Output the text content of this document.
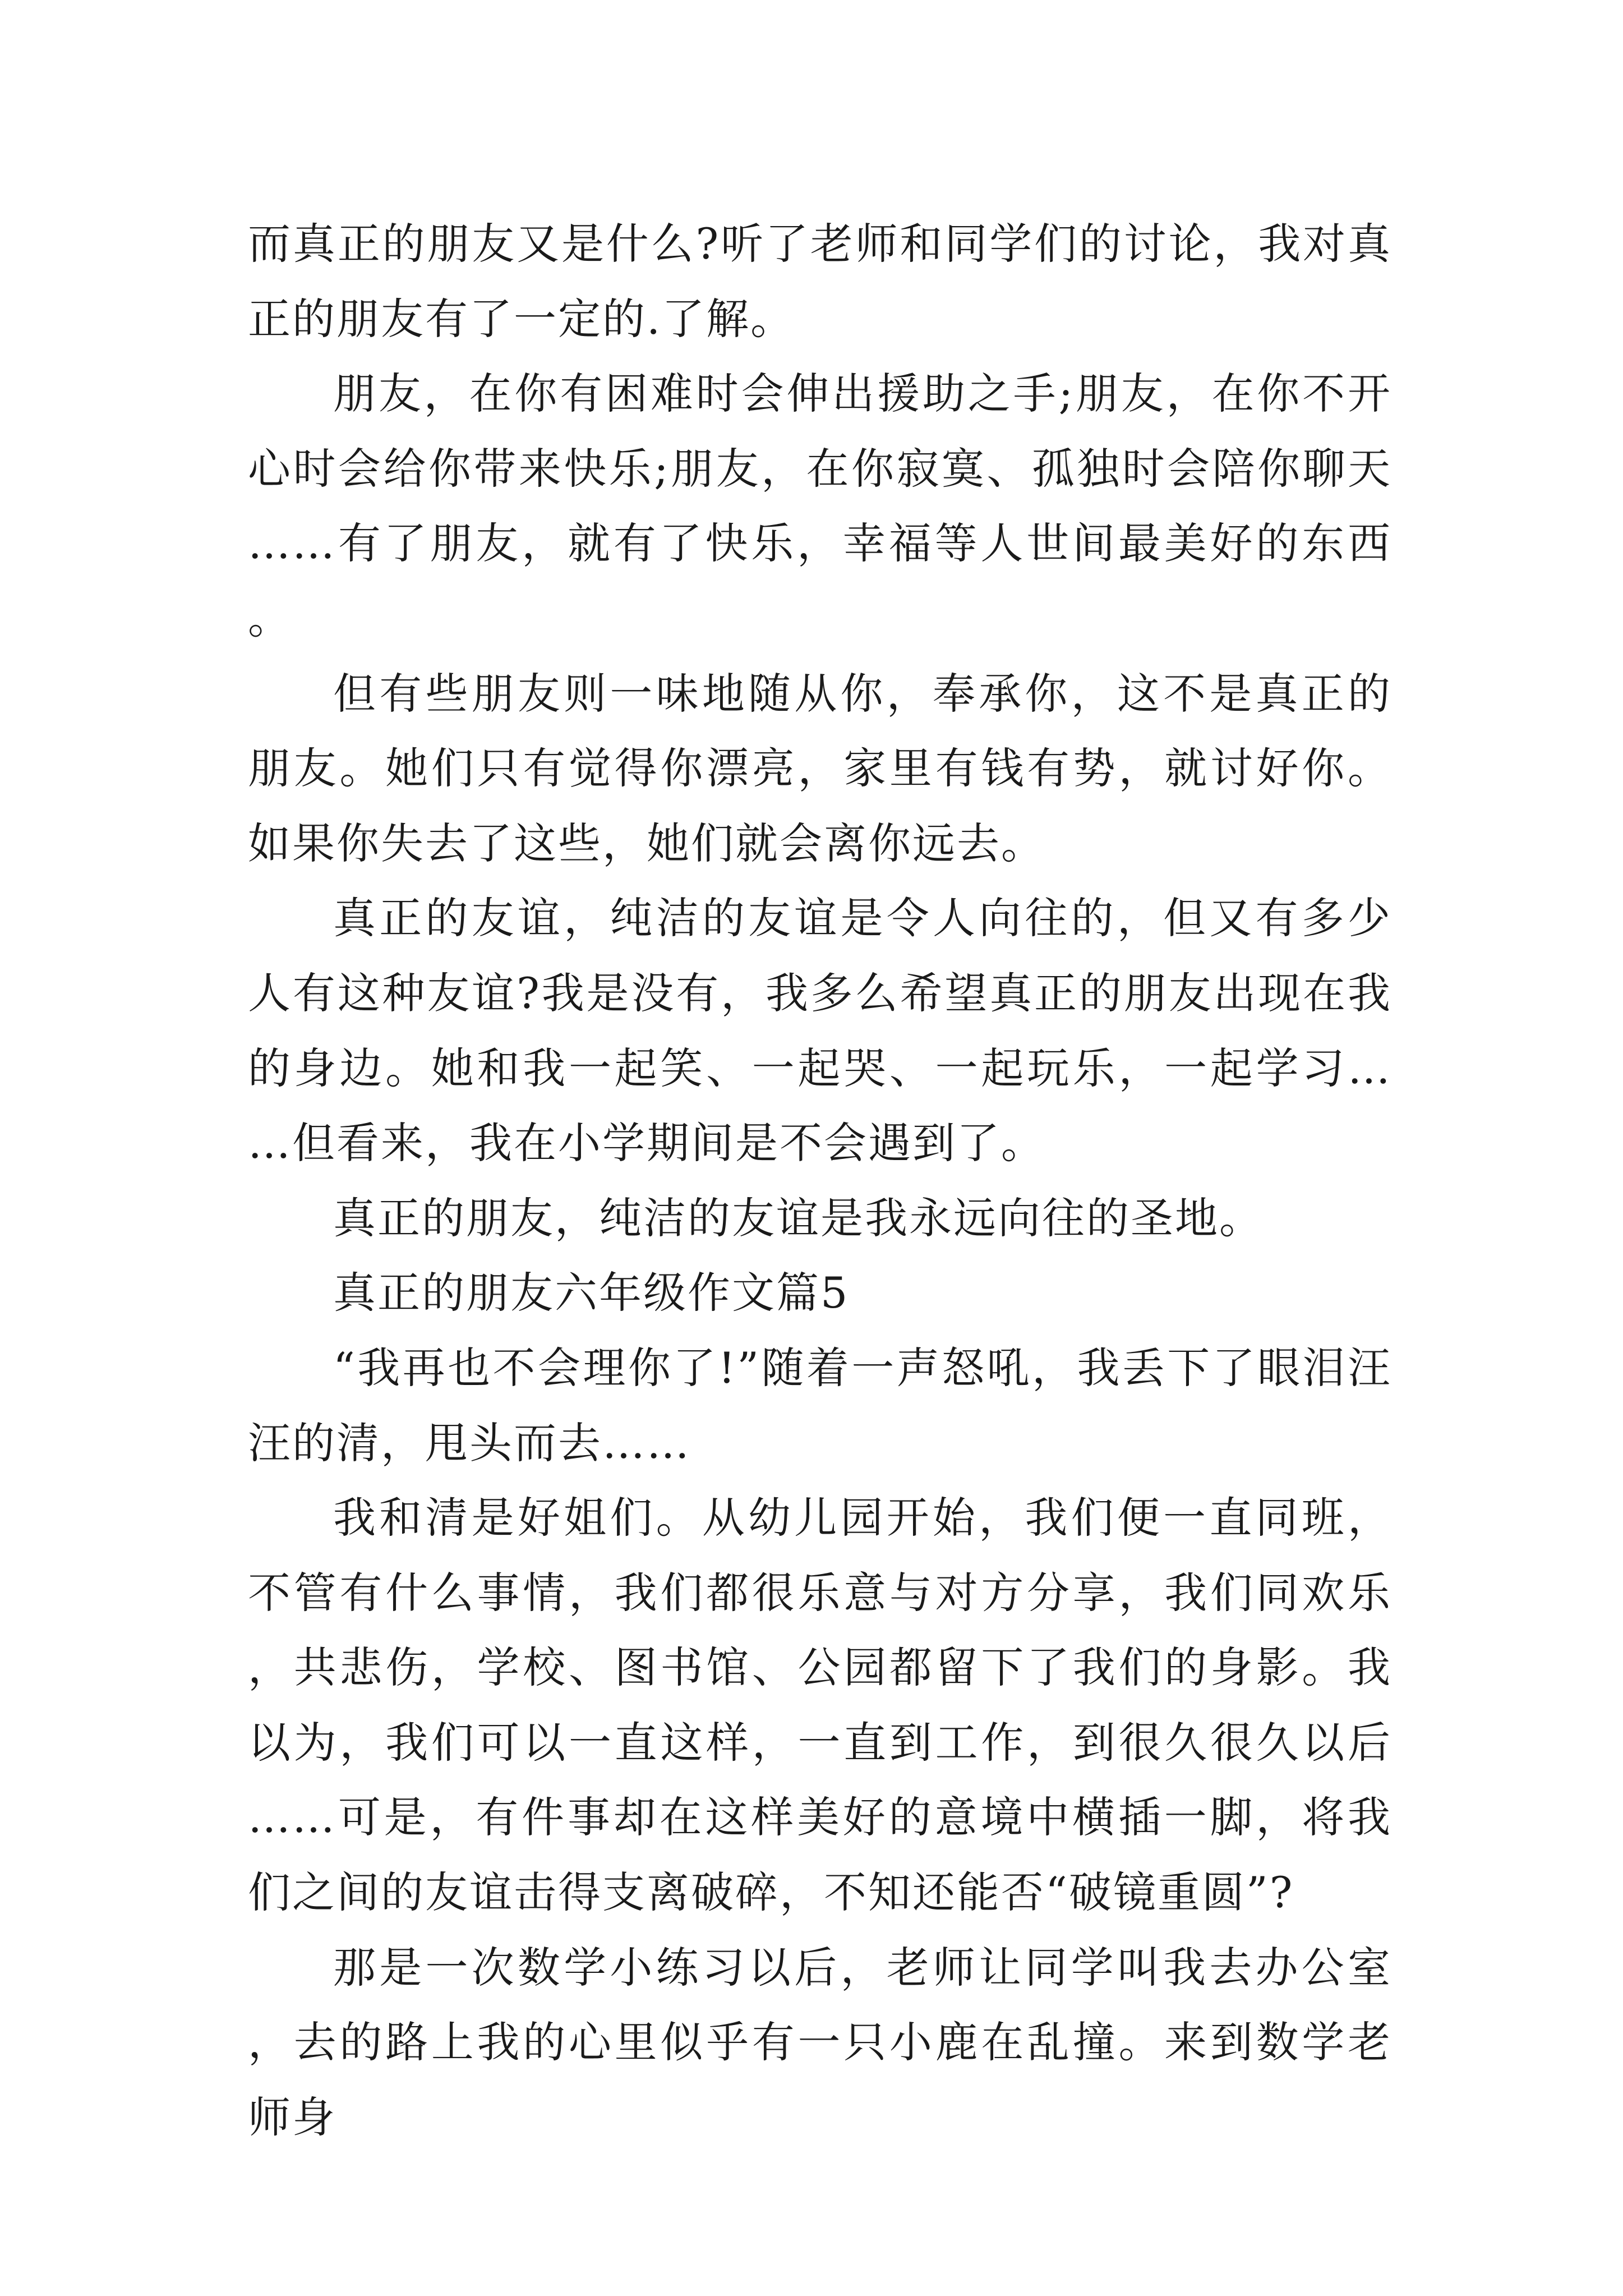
而真正的朋友又是什么?听了老师和同学们的讨论，我对真正的朋友有了一定的.了解。

朋友，在你有困难时会伸出援助之手;朋友，在你不开心时会给你带来快乐;朋友，在你寂寞、孤独时会陪你聊天……有了朋友，就有了快乐，幸福等人世间最美好的东西。

但有些朋友则一味地随从你，奉承你，这不是真正的朋友。她们只有觉得你漂亮，家里有钱有势，就讨好你。如果你失去了这些，她们就会离你远去。

真正的友谊，纯洁的友谊是令人向往的，但又有多少人有这种友谊?我是没有，我多么希望真正的朋友出现在我的身边。她和我一起笑、一起哭、一起玩乐，一起学习……但看来，我在小学期间是不会遇到了。

真正的朋友，纯洁的友谊是我永远向往的圣地。

真正的朋友六年级作文篇5

“我再也不会理你了!”随着一声怒吼，我丢下了眼泪汪汪的清，甩头而去……

我和清是好姐们。从幼儿园开始，我们便一直同班，不管有什么事情，我们都很乐意与对方分享，我们同欢乐，共悲伤，学校、图书馆、公园都留下了我们的身影。我以为，我们可以一直这样，一直到工作，到很久很久以后……可是，有件事却在这样美好的意境中横插一脚，将我们之间的友谊击得支离破碎，不知还能否“破镜重圆”?

那是一次数学小练习以后，老师让同学叫我去办公室，去的路上我的心里似乎有一只小鹿在乱撞。来到数学老师身
